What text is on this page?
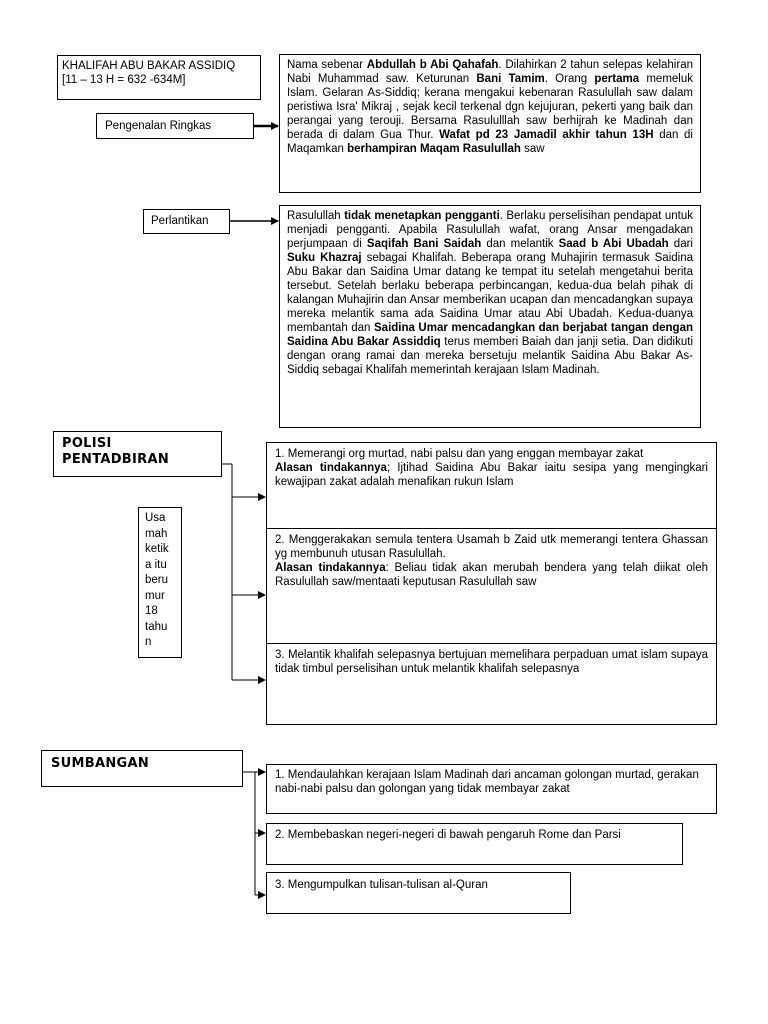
KHALIFAH ABU BAKAR ASSIDIQ
[11 – 13 H = 632 -634M]
Pengenalan Ringkas
Nama sebenar Abdullah b Abi Qahafah. Dilahirkan 2 tahun selepas kelahiran Nabi Muhammad saw. Keturunan Bani Tamim. Orang pertama memeluk Islam. Gelaran As-Siddiq; kerana mengakui kebenaran Rasulullah saw dalam peristiwa Isra' Mikraj , sejak kecil terkenal dgn kejujuran, pekerti yang baik dan perangai yang terouji. Bersama Rasululllah saw berhijrah ke Madinah dan berada di dalam Gua Thur. Wafat pd 23 Jamadil akhir tahun 13H dan di Maqamkan berhampiran Maqam Rasulullah saw
Perlantikan	Rasulullah tidak menetapkan pengganti. Berlaku perselisihan pendapat untuk menjadi pengganti. Apabila Rasulullah wafat, orang Ansar mengadakan perjumpaan di Saqifah Bani Saidah dan melantik Saad b Abi Ubadah dari Suku Khazraj sebagai Khalifah. Beberapa orang Muhajirin termasuk Saidina Abu Bakar dan Saidina Umar datang ke tempat itu setelah mengetahui berita tersebut. Setelah berlaku beberapa perbincangan, kedua-dua belah pihak di kalangan Muhajirin dan Ansar memberikan ucapan dan mencadangkan supaya mereka melantik sama ada Saidina Umar atau Abi Ubadah. Kedua-duanya membantah dan Saidina Umar mencadangkan dan berjabat tangan dengan Saidina Abu Bakar Assiddiq terus memberi Baiah dan janji setia. Dan didikuti dengan orang ramai dan mereka bersetuju melantik Saidina Abu Bakar As-Siddiq sebagai Khalifah memerintah kerajaan Islam Madinah.
POLISI
PENTADBIRAN
Usa
mah
ketik
a itu
beru
mur
18
tahu
n
1. Memerangi org murtad, nabi palsu dan yang enggan membayar zakat
Alasan tindakannya; Ijtihad Saidina Abu Bakar iaitu sesipa yang mengingkari kewajipan zakat adalah menafikan rukun Islam
2. Menggerakakan semula tentera Usamah b Zaid utk memerangi tentera Ghassan yg membunuh utusan Rasulullah.
Alasan tindakannya: Beliau tidak akan merubah bendera yang telah diikat oleh Rasulullah saw/mentaati keputusan Rasulullah saw
3. Melantik khalifah selepasnya bertujuan memelihara perpaduan umat islam supaya tidak timbul perselisihan untuk melantik khalifah selepasnya
SUMBANGAN
1. Mendaulahkan kerajaan Islam Madinah dari ancaman golongan murtad, gerakan nabi-nabi palsu dan golongan yang tidak membayar zakat
2. Membebaskan negeri-negeri di bawah pengaruh Rome dan Parsi
3. Mengumpulkan tulisan-tulisan al-Quran
